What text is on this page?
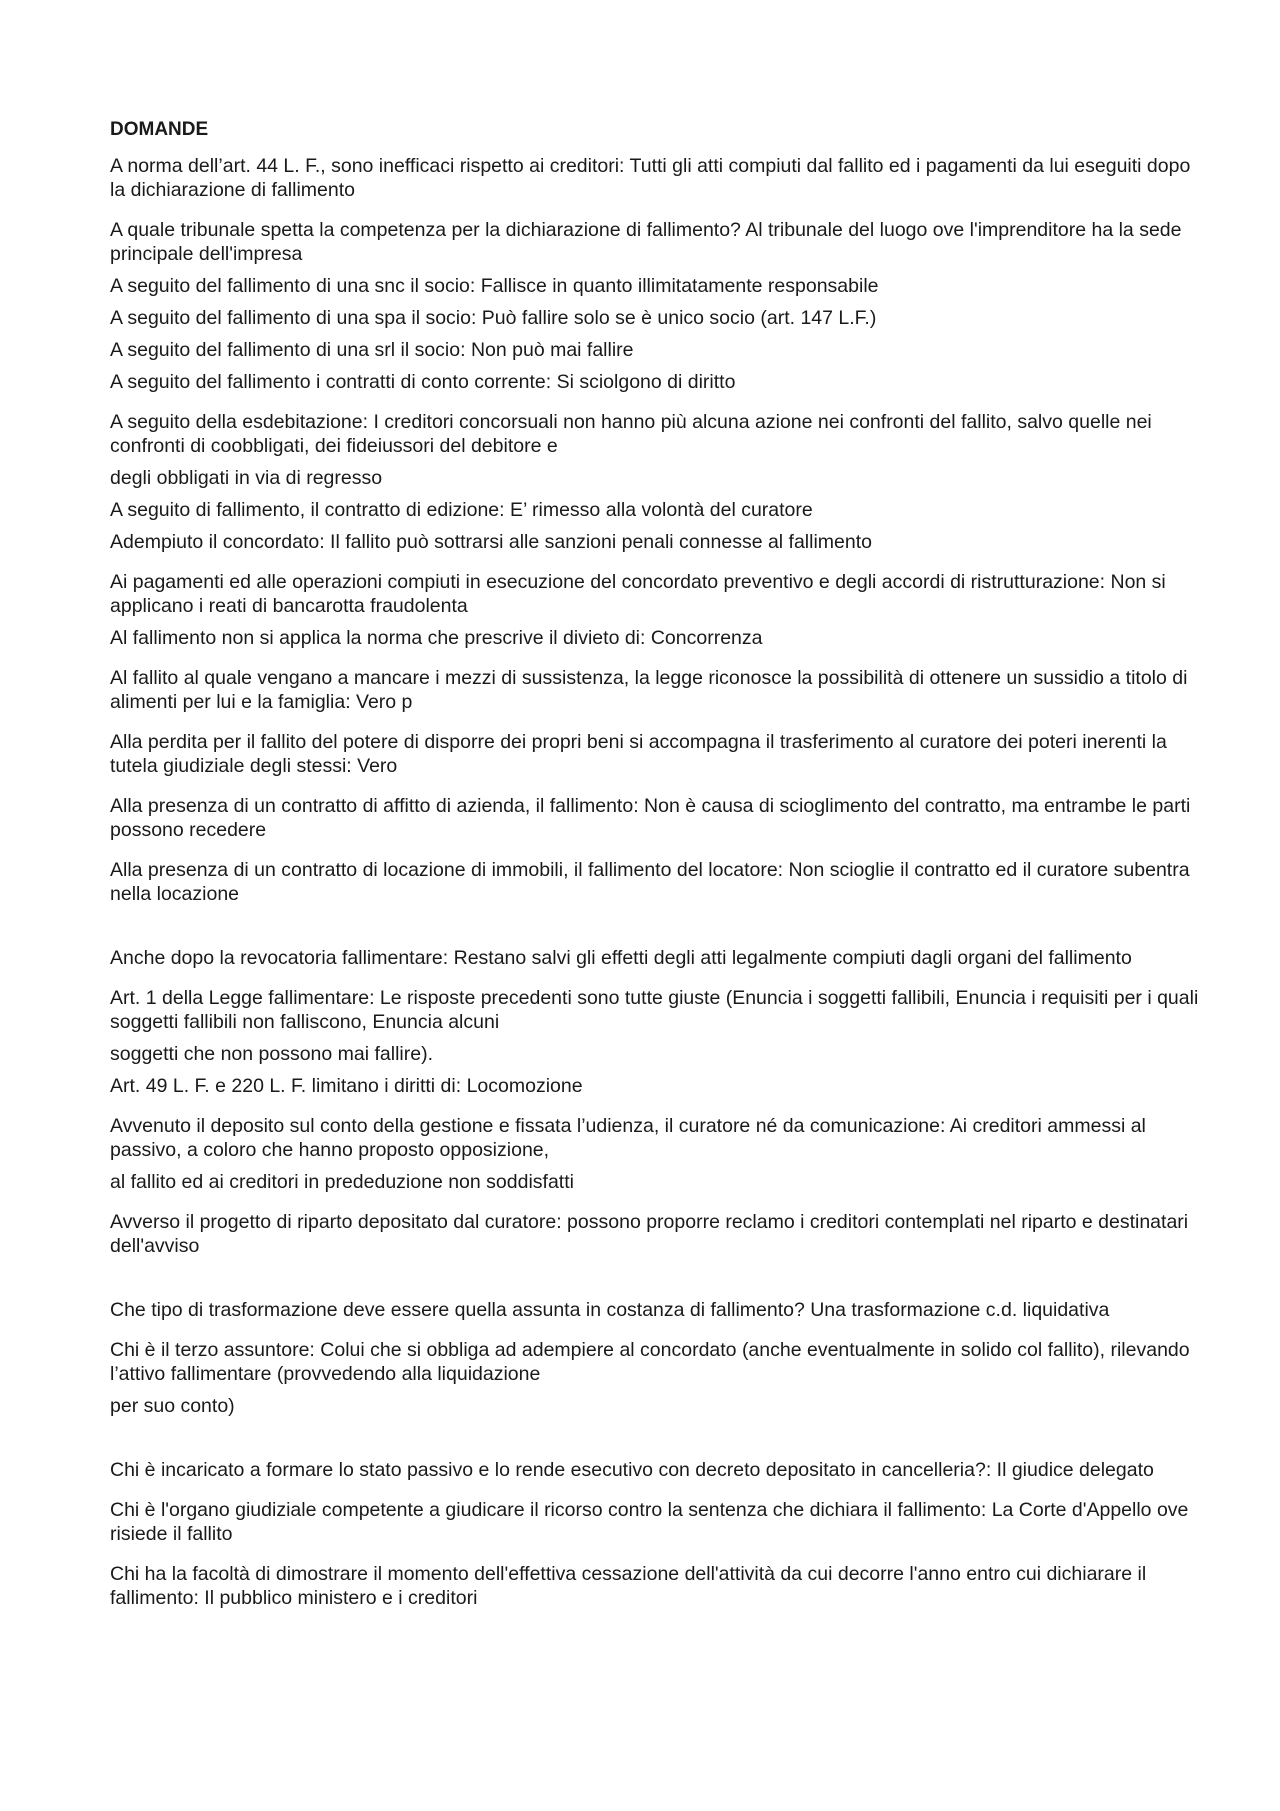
DOMANDE
A norma dell’art. 44 L. F., sono inefficaci rispetto ai creditori: Tutti gli atti compiuti dal fallito ed i pagamenti da lui eseguiti dopo
la dichiarazione di fallimento
A quale tribunale spetta la competenza per la dichiarazione di fallimento? Al tribunale del luogo ove l'imprenditore ha la sede
principale dell'impresa
A seguito del fallimento di una snc il socio: Fallisce in quanto illimitatamente responsabile
A seguito del fallimento di una spa il socio: Può fallire solo se è unico socio (art. 147 L.F.)
A seguito del fallimento di una srl il socio: Non può mai fallire
A seguito del fallimento i contratti di conto corrente: Si sciolgono di diritto
A seguito della esdebitazione: I creditori concorsuali non hanno più alcuna azione nei confronti del fallito, salvo quelle nei
confronti di coobbligati, dei fideiussori del debitore e
degli obbligati in via di regresso
A seguito di fallimento, il contratto di edizione: E’ rimesso alla volontà del curatore
Adempiuto il concordato: Il fallito può sottrarsi alle sanzioni penali connesse al fallimento
Ai pagamenti ed alle operazioni compiuti in esecuzione del concordato preventivo e degli accordi di ristrutturazione: Non si
applicano i reati di bancarotta fraudolenta
Al fallimento non si applica la norma che prescrive il divieto di: Concorrenza
Al fallito al quale vengano a mancare i mezzi di sussistenza, la legge riconosce la possibilità di ottenere un sussidio a titolo di
alimenti per lui e la famiglia: Vero p
Alla perdita per il fallito del potere di disporre dei propri beni si accompagna il trasferimento al curatore dei poteri inerenti la
tutela giudiziale degli stessi: Vero
Alla presenza di un contratto di affitto di azienda, il fallimento: Non è causa di scioglimento del contratto, ma entrambe le parti
possono recedere
Alla presenza di un contratto di locazione di immobili, il fallimento del locatore: Non scioglie il contratto ed il curatore subentra
nella locazione
Anche dopo la revocatoria fallimentare: Restano salvi gli effetti degli atti legalmente compiuti dagli organi del fallimento
Art. 1 della Legge fallimentare: Le risposte precedenti sono tutte giuste (Enuncia i soggetti fallibili, Enuncia i requisiti per i quali
soggetti fallibili non falliscono, Enuncia alcuni
soggetti che non possono mai fallire).
Art. 49 L. F. e 220 L. F. limitano i diritti di: Locomozione
Avvenuto il deposito sul conto della gestione e fissata l’udienza, il curatore né da comunicazione: Ai creditori ammessi al
passivo, a coloro che hanno proposto opposizione,
al fallito ed ai creditori in prededuzione non soddisfatti
Avverso il progetto di riparto depositato dal curatore: possono proporre reclamo i creditori contemplati nel riparto e destinatari
dell'avviso
Che tipo di trasformazione deve essere quella assunta in costanza di fallimento? Una trasformazione c.d. liquidativa
Chi è il terzo assuntore: Colui che si obbliga ad adempiere al concordato (anche eventualmente in solido col fallito), rilevando
l’attivo fallimentare (provvedendo alla liquidazione
per suo conto)
Chi è incaricato a formare lo stato passivo e lo rende esecutivo con decreto depositato in cancelleria?: Il giudice delegato
Chi è l'organo giudiziale competente a giudicare il ricorso contro la sentenza che dichiara il fallimento: La Corte d'Appello ove
risiede il fallito
Chi ha la facoltà di dimostrare il momento dell'effettiva cessazione dell'attività da cui decorre l'anno entro cui dichiarare il
fallimento: Il pubblico ministero e i creditori
